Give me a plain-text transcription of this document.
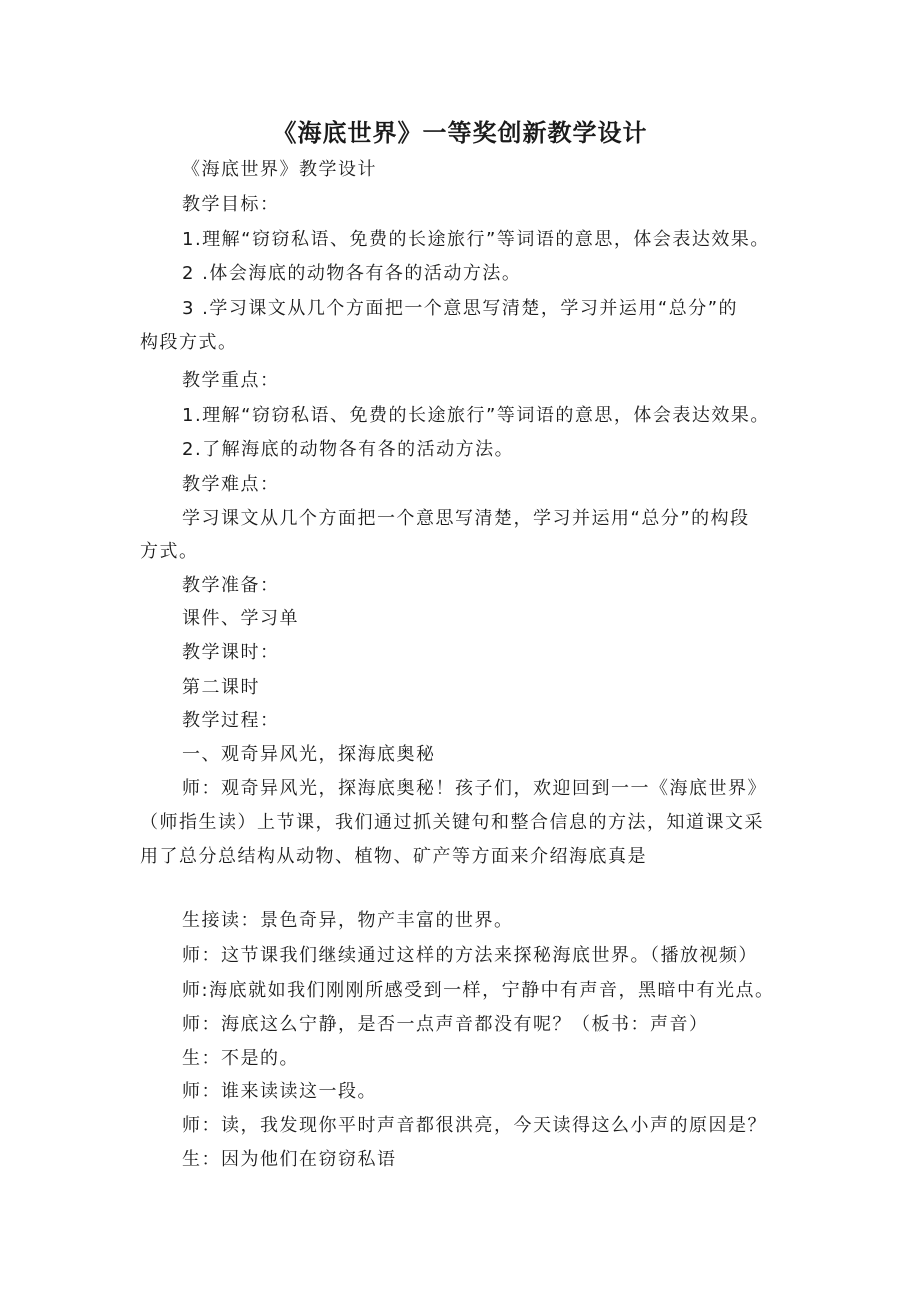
《海底世界》一等奖创新教学设计
《海底世界》教学设计
教学目标：
1.理解“窃窃私语、免费的长途旅行”等词语的意思，体会表达效果。
2 .体会海底的动物各有各的活动方法。
3 .学习课文从几个方面把一个意思写清楚，学习并运用“总分”的
构段方式。
教学重点：
1.理解“窃窃私语、免费的长途旅行”等词语的意思，体会表达效果。
2.了解海底的动物各有各的活动方法。
教学难点：
学习课文从几个方面把一个意思写清楚，学习并运用“总分”的构段
方式。
教学准备：
课件、学习单
教学课时：
第二课时
教学过程：
一、观奇异风光，探海底奥秘
师：观奇异风光，探海底奥秘！孩子们，欢迎回到一一《海底世界》
（师指生读）上节课，我们通过抓关键句和整合信息的方法，知道课文采
用了总分总结构从动物、植物、矿产等方面来介绍海底真是
生接读：景色奇异，物产丰富的世界。
师：这节课我们继续通过这样的方法来探秘海底世界。（播放视频）
师:海底就如我们刚刚所感受到一样，宁静中有声音，黑暗中有光点。
师：海底这么宁静，是否一点声音都没有呢？（板书：声音）
生：不是的。
师：谁来读读这一段。
师：读，我发现你平时声音都很洪亮，今天读得这么小声的原因是？
生：因为他们在窃窃私语
